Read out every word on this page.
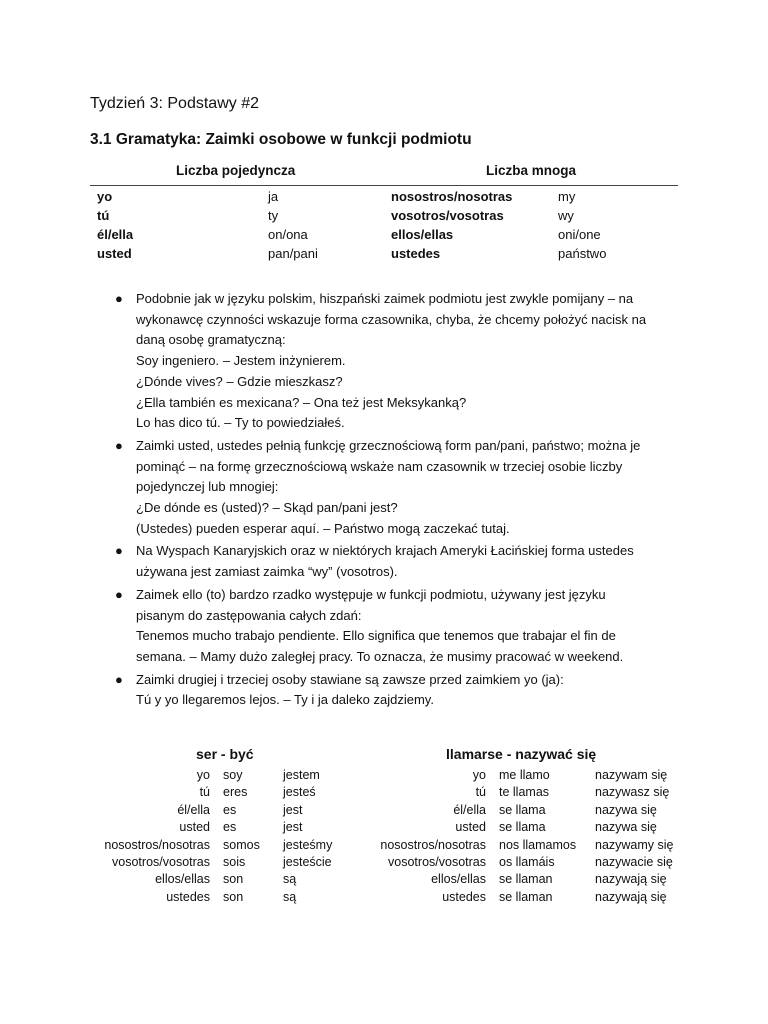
Tydzień 3: Podstawy #2
3.1 Gramatyka: Zaimki osobowe w funkcji podmiotu
Liczba pojedyncza	Liczba mnoga
yo	ja	nosostros/nosotras	my
tú	ty	vosotros/vosotras	wy
él/ella	on/ona	ellos/ellas	oni/one
usted	pan/pani	ustedes	państwo
● Podobnie jak w języku polskim, hiszpański zaimek podmiotu jest zwykle pomijany – na
wykonawcę czynności wskazuje forma czasownika, chyba, że chcemy położyć nacisk na
daną osobę gramatyczną:
Soy ingeniero. – Jestem inżynierem.
¿Dónde vives? – Gdzie mieszkasz?
¿Ella también es mexicana? – Ona też jest Meksykanką?
Lo has dico tú. – Ty to powiedziałeś.
● Zaimki usted, ustedes pełnią funkcję grzecznościową form pan/pani, państwo; można je
pominąć – na formę grzecznościową wskaże nam czasownik w trzeciej osobie liczby
pojedynczej lub mnogiej:
¿De dónde es (usted)? – Skąd pan/pani jest?
(Ustedes) pueden esperar aquí. – Państwo mogą zaczekać tutaj.
● Na Wyspach Kanaryjskich oraz w niektórych krajach Ameryki Łacińskiej forma ustedes
używana jest zamiast zaimka “wy” (vosotros).
● Zaimek ello (to) bardzo rzadko występuje w funkcji podmiotu, używany jest języku
pisanym do zastępowania całych zdań:
Tenemos mucho trabajo pendiente. Ello significa que tenemos que trabajar el fin de
semana. – Mamy dużo zaległej pracy. To oznacza, że musimy pracować w weekend.
● Zaimki drugiej i trzeciej osoby stawiane są zawsze przed zaimkiem yo (ja):
Tú y yo llegaremos lejos. – Ty i ja daleko zajdziemy.
ser - być	llamarse - nazywać się
yo soy	jestem
tú eres	jesteś
él/ella es	jest
usted es	jest
nosostros/nosotras somos jesteśmy
vosotros/vosotras sois	jesteście
ellos/ellas son	są
ustedes son	są
yo me llamo	nazywam się
tú te llamas	nazywasz się
él/ella se llama	nazywa się
usted se llama	nazywa się
nosostros/nosotras nos llamamos nazywamy się
vosotros/vosotras os llamáis	nazywacie się
ellos/ellas se llaman	nazywają się
ustedes se llaman	nazywają się
